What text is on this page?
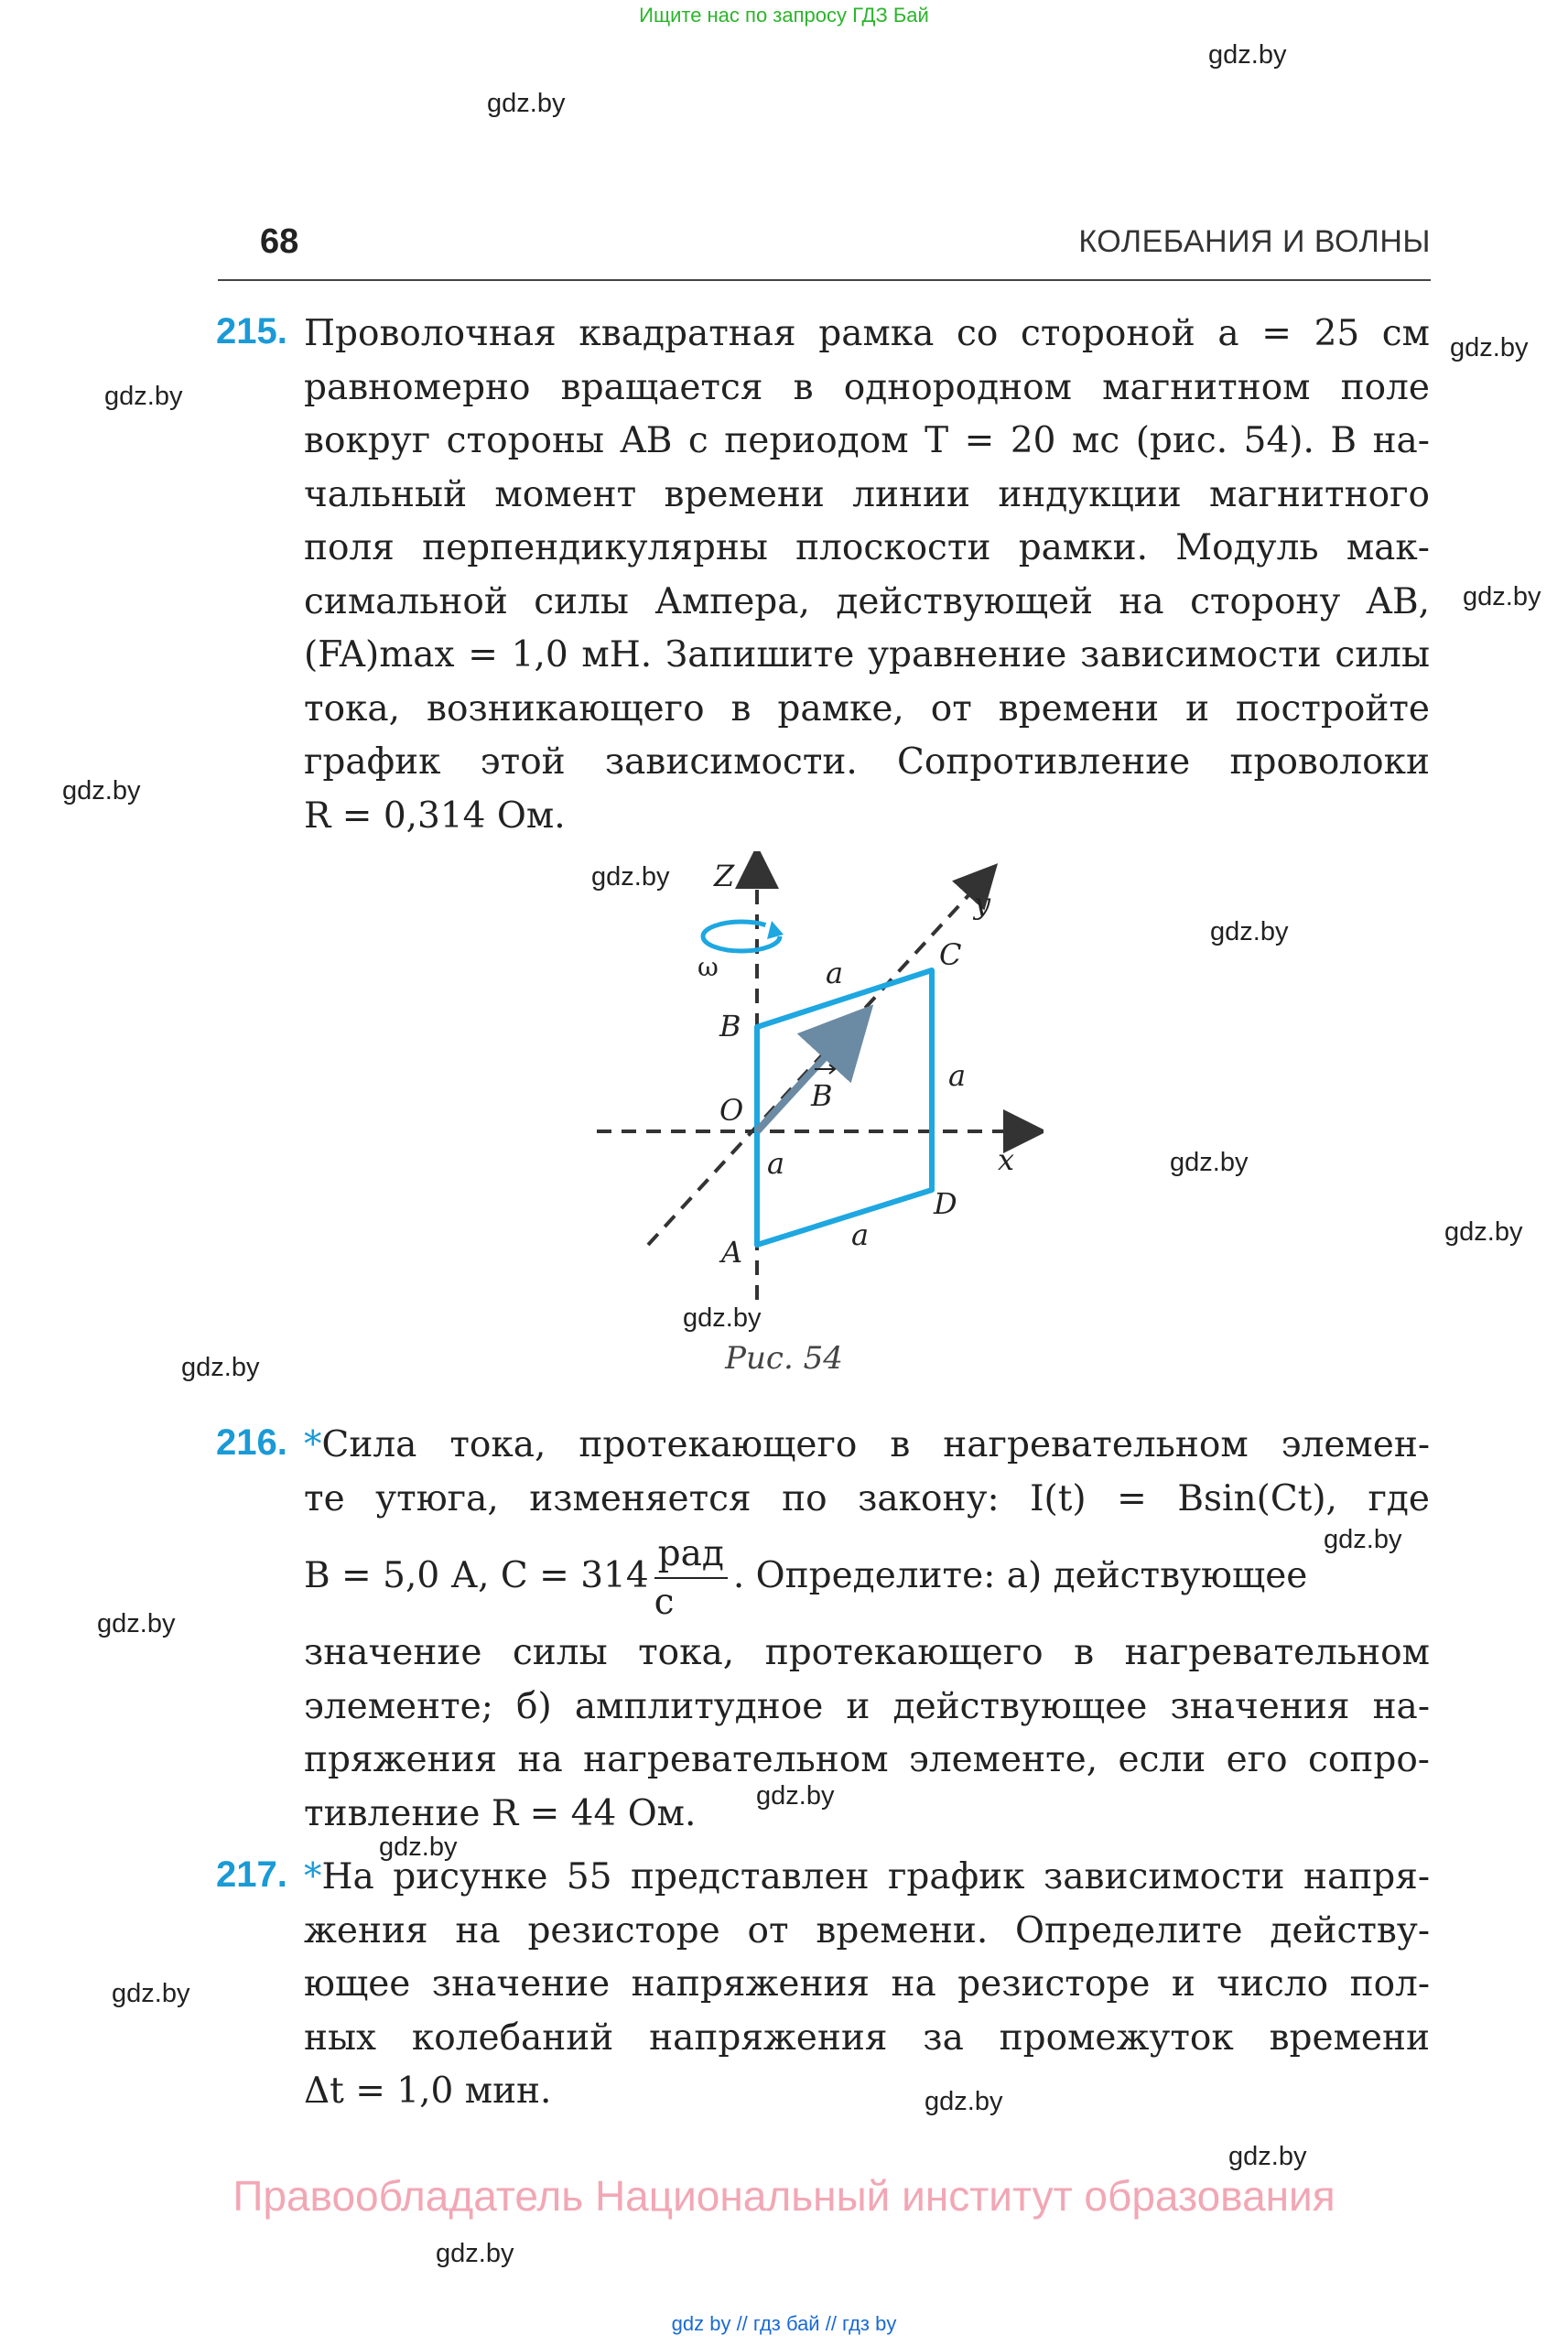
Ищите нас по запросу ГДЗ Бай
gdz.by
gdz.by
gdz.by
gdz.by
gdz.by
gdz.by
gdz.by
gdz.by
gdz.by
gdz.by
gdz.by
gdz.by
gdz.by
gdz.by
gdz.by
gdz.by
gdz.by
gdz.by
gdz.by
gdz.by
68	КОЛЕБАНИЯ И ВОЛНЫ
215. Проволочная квадратная рамка со стороной a = 25 см
равномерно вращается в однородном магнитном поле
вокруг стороны AB с периодом T = 20 мс (рис. 54). В на-
чальный момент времени линии индукции магнитного
поля перпендикулярны плоскости рамки. Модуль мак-
симальной силы Ампера, действующей на сторону AB,
(FA)max = 1,0 мН. Запишите уравнение зависимости силы
тока, возникающего в рамке, от времени и постройте
график этой зависимости. Сопротивление проволоки
R = 0,314 Ом.
Z
y
x
ω
B
C
O
D
A
a
a
a
a
B
Рис. 54
216. *Сила тока, протекающего в нагревательном элемен-
те утюга, изменяется по закону: I(t) = Bsin(Ct), где
B = 5,0 А, $C = 314 \frac{\text{рад}}{с}$ . Определите: а) действующее
значение силы тока, протекающего в нагревательном
элементе; б) амплитудное и действующее значения на-
пряжения на нагревательном элементе, если его сопро-
тивление R = 44 Ом.
217. *На рисунке 55 представлен график зависимости напря-
жения на резисторе от времени. Определите действу-
ющее значение напряжения на резисторе и число пол-
ных колебаний напряжения за промежуток времени
Δt = 1,0 мин.
Правообладатель Национальный институт образования
gdz by // гдз бай // гдз by
